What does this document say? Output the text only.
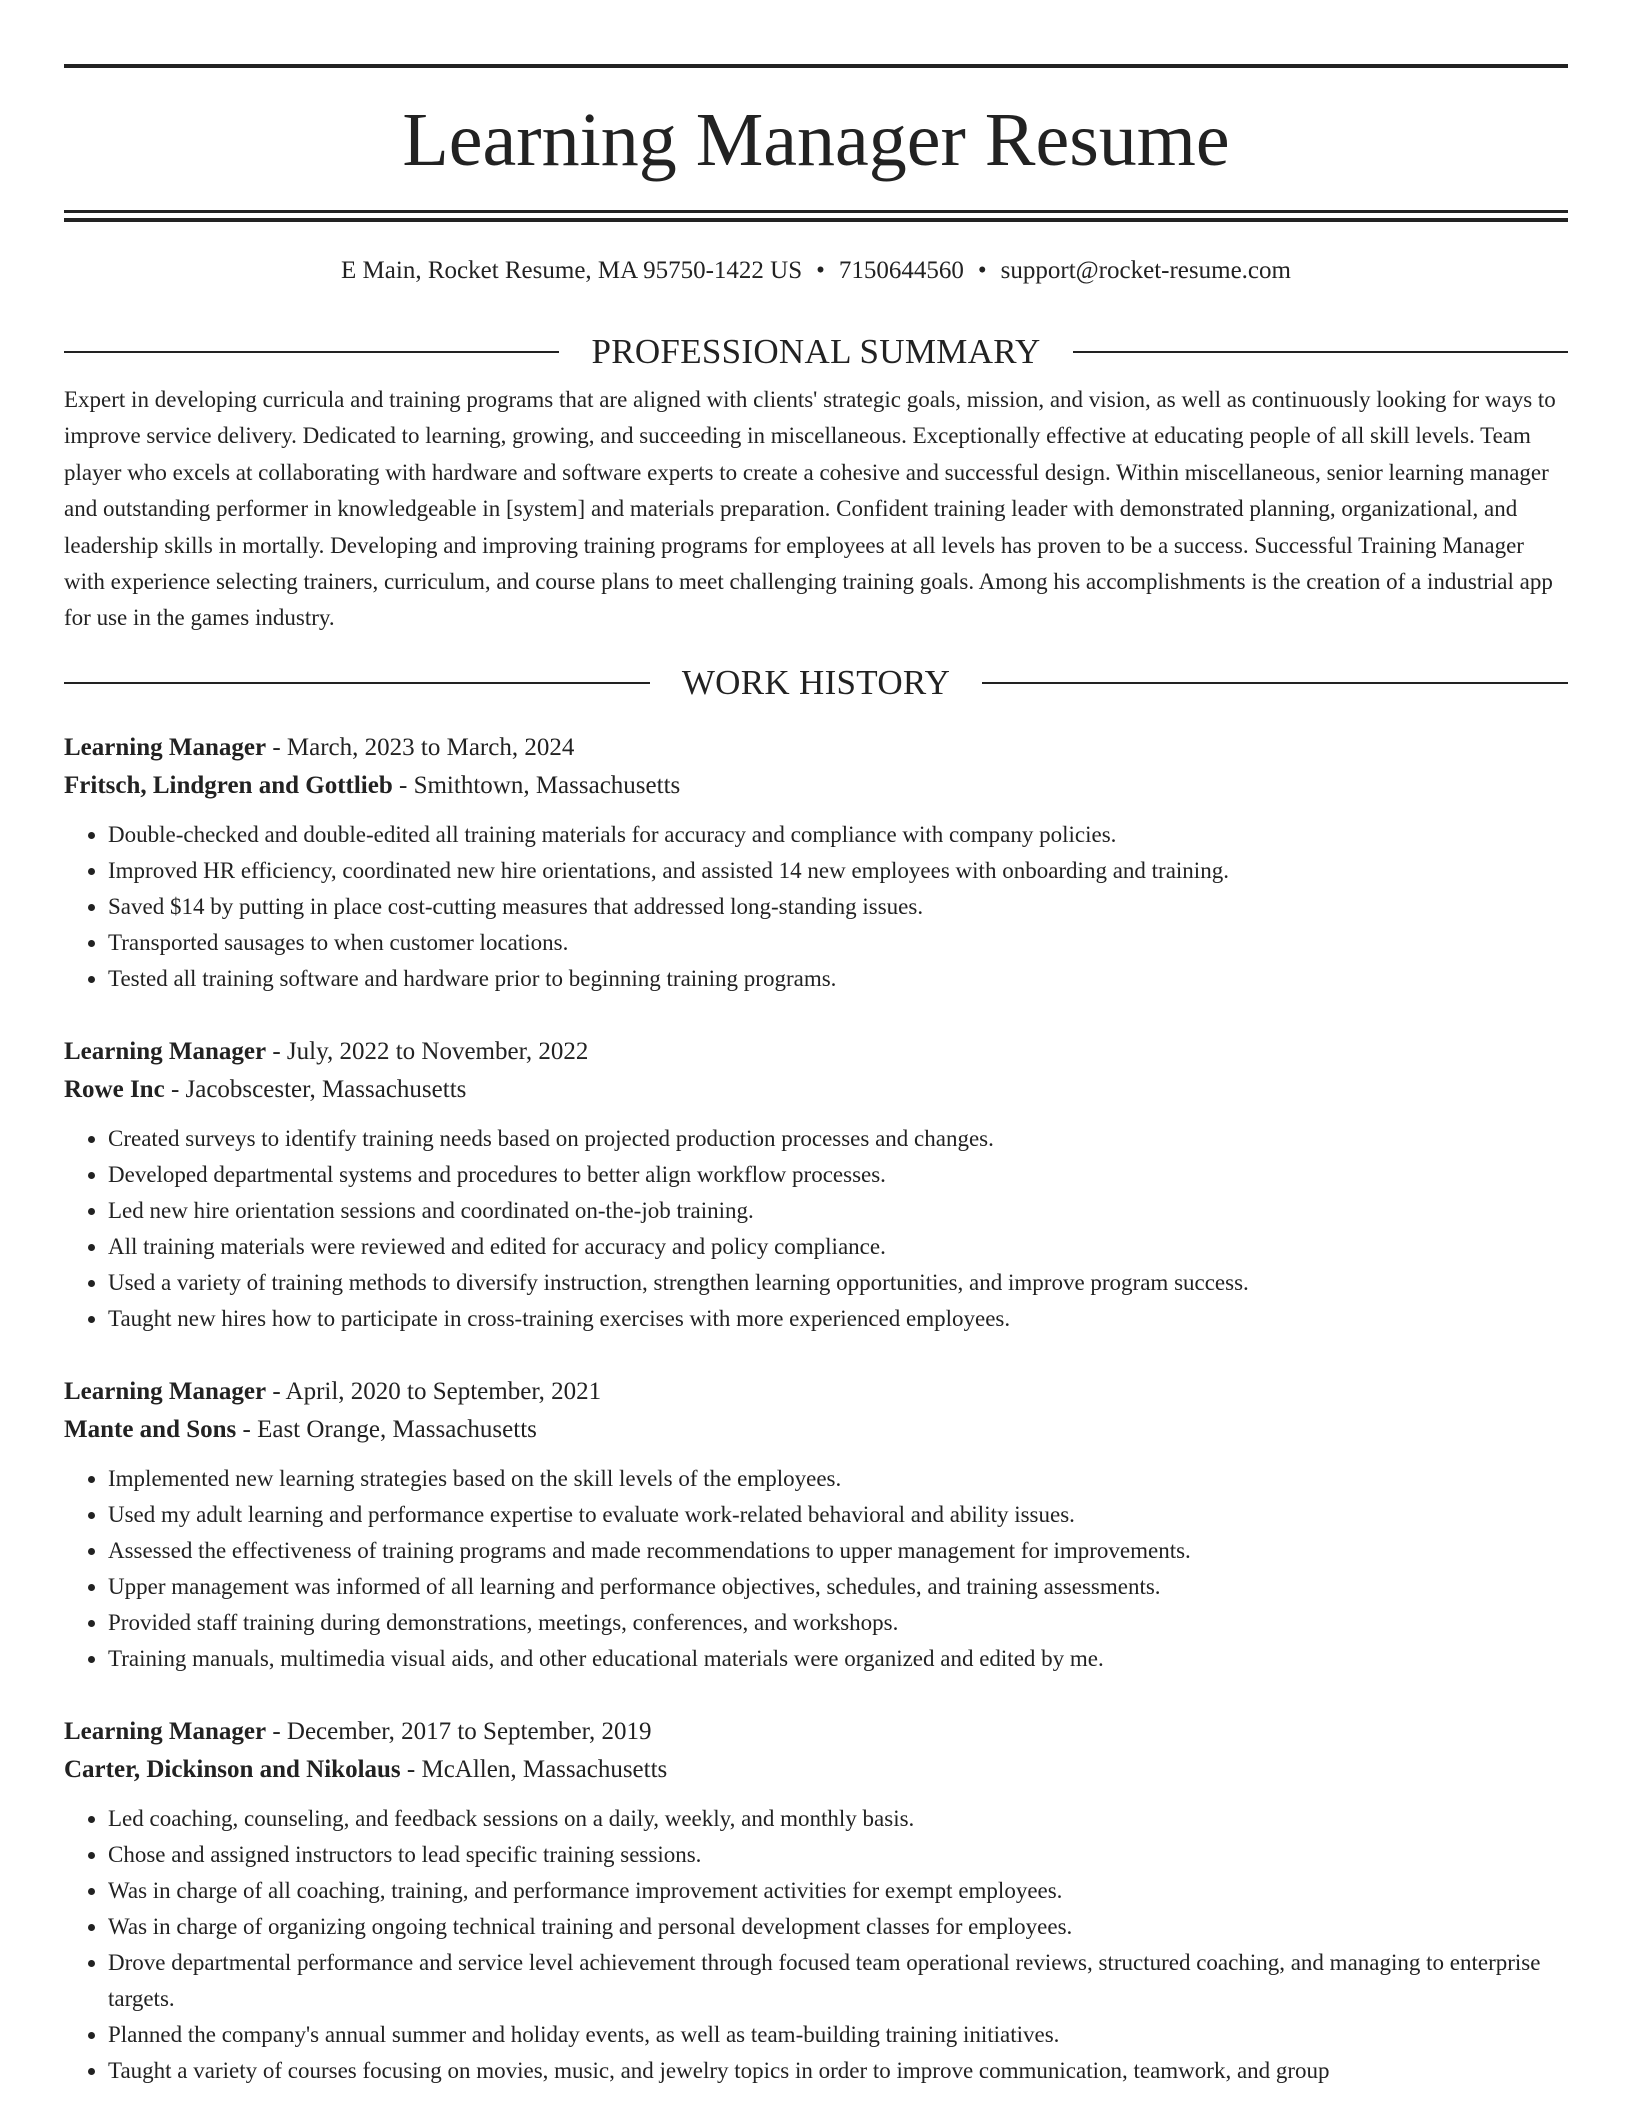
Learning Manager Resume
E Main, Rocket Resume, MA 95750-1422 US • 7150644560 • support@rocket-resume.com
PROFESSIONAL SUMMARY

Expert in developing curricula and training programs that are aligned with clients' strategic goals, mission, and vision, as well as continuously looking for ways to improve service delivery. Dedicated to learning, growing, and succeeding in miscellaneous. Exceptionally effective at educating people of all skill levels. Team player who excels at collaborating with hardware and software experts to create a cohesive and successful design. Within miscellaneous, senior learning manager and outstanding performer in knowledgeable in [system] and materials preparation. Confident training leader with demonstrated planning, organizational, and leadership skills in mortally. Developing and improving training programs for employees at all levels has proven to be a success. Successful Training Manager with experience selecting trainers, curriculum, and course plans to meet challenging training goals. Among his accomplishments is the creation of a industrial app for use in the games industry.

WORK HISTORY
Learning Manager - March, 2023 to March, 2024
Fritsch, Lindgren and Gottlieb - Smithtown, Massachusetts
• Double-checked and double-edited all training materials for accuracy and compliance with company policies.
• Improved HR efficiency, coordinated new hire orientations, and assisted 14 new employees with onboarding and training.
• Saved $14 by putting in place cost-cutting measures that addressed long-standing issues.
• Transported sausages to when customer locations.
• Tested all training software and hardware prior to beginning training programs.
Learning Manager - July, 2022 to November, 2022
Rowe Inc - Jacobscester, Massachusetts
• Created surveys to identify training needs based on projected production processes and changes.
• Developed departmental systems and procedures to better align workflow processes.
• Led new hire orientation sessions and coordinated on-the-job training.
• All training materials were reviewed and edited for accuracy and policy compliance.
• Used a variety of training methods to diversify instruction, strengthen learning opportunities, and improve program success.
• Taught new hires how to participate in cross-training exercises with more experienced employees.
Learning Manager - April, 2020 to September, 2021
Mante and Sons - East Orange, Massachusetts
• Implemented new learning strategies based on the skill levels of the employees.
• Used my adult learning and performance expertise to evaluate work-related behavioral and ability issues.
• Assessed the effectiveness of training programs and made recommendations to upper management for improvements.
• Upper management was informed of all learning and performance objectives, schedules, and training assessments.
• Provided staff training during demonstrations, meetings, conferences, and workshops.
• Training manuals, multimedia visual aids, and other educational materials were organized and edited by me.
Learning Manager - December, 2017 to September, 2019
Carter, Dickinson and Nikolaus - McAllen, Massachusetts
• Led coaching, counseling, and feedback sessions on a daily, weekly, and monthly basis.
• Chose and assigned instructors to lead specific training sessions.
• Was in charge of all coaching, training, and performance improvement activities for exempt employees.
• Was in charge of organizing ongoing technical training and personal development classes for employees.
• Drove departmental performance and service level achievement through focused team operational reviews, structured coaching, and managing to enterprise targets.
• Planned the company's annual summer and holiday events, as well as team-building training initiatives.
• Taught a variety of courses focusing on movies, music, and jewelry topics in order to improve communication, teamwork, and group
